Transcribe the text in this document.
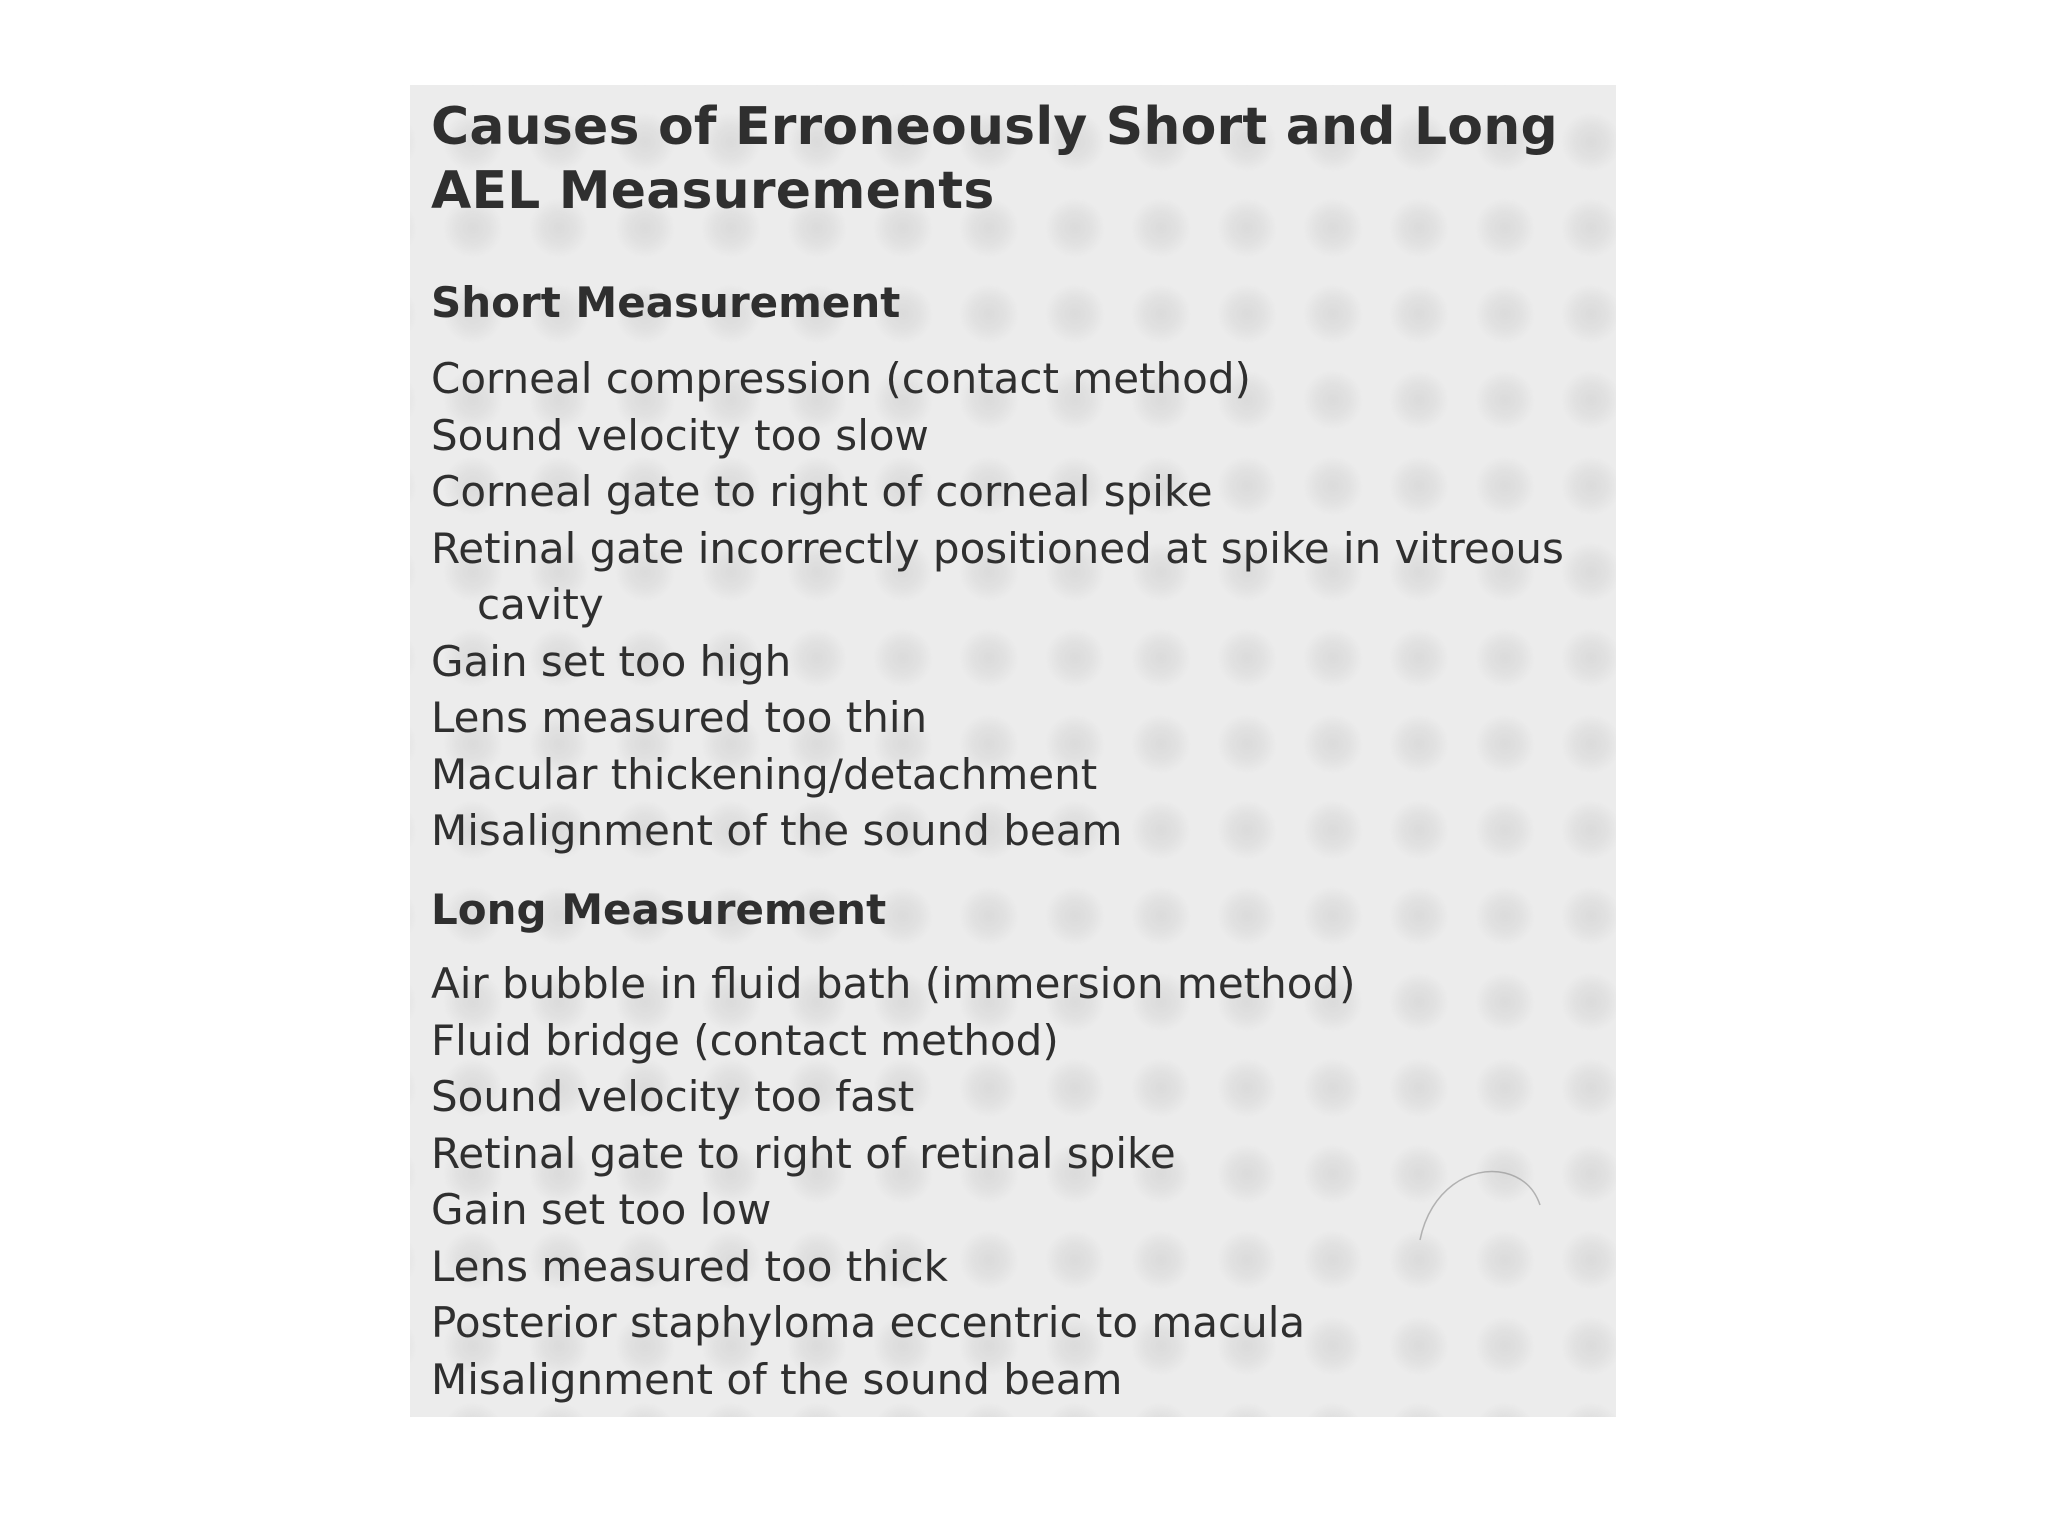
Causes of Erroneously Short and Long
AEL Measurements
Short Measurement
Corneal compression (contact method)
Sound velocity too slow
Corneal gate to right of corneal spike
Retinal gate incorrectly positioned at spike in vitreous cavity
Gain set too high
Lens measured too thin
Macular thickening/detachment
Misalignment of the sound beam
Long Measurement
Air bubble in fluid bath (immersion method)
Fluid bridge (contact method)
Sound velocity too fast
Retinal gate to right of retinal spike
Gain set too low
Lens measured too thick
Posterior staphyloma eccentric to macula
Misalignment of the sound beam
